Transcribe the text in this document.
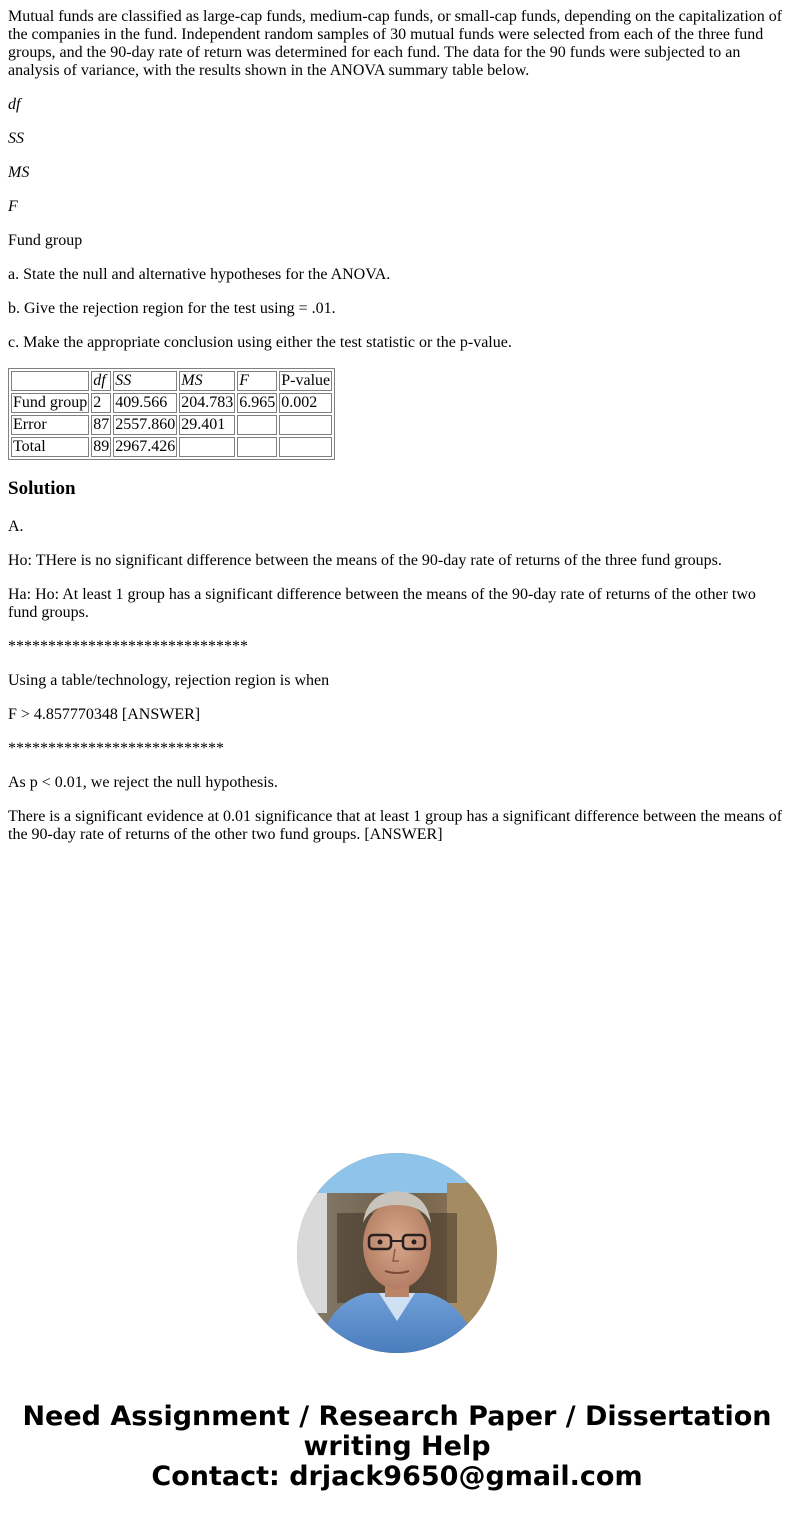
Mutual funds are classified as large-cap funds, medium-cap funds, or small-cap funds, depending on the capitalization of the companies in the fund. Independent random samples of 30 mutual funds were selected from each of the three fund groups, and the 90-day rate of return was determined for each fund. The data for the 90 funds were subjected to an analysis of variance, with the results shown in the ANOVA summary table below.

df

SS

MS

F

Fund group

a. State the null and alternative hypotheses for the ANOVA.

b. Give the rejection region for the test using = .01.

c. Make the appropriate conclusion using either the test statistic or the p-value.

	df	SS	MS	F	P-value
Fund group	2	409.566	204.783	6.965	0.002
Error	87	2557.860	29.401		
Total	89	2967.426			
Solution

A.

Ho: THere is no significant difference between the means of the 90-day rate of returns of the three fund groups.

Ha: Ho: At least 1 group has a significant difference between the means of the 90-day rate of returns of the other two fund groups.

******************************

Using a table/technology, rejection region is when

F > 4.857770348 [ANSWER]

***************************

As p < 0.01, we reject the null hypothesis.

There is a significant evidence at 0.01 significance that at least 1 group has a significant difference between the means of the 90-day rate of returns of the other two fund groups. [ANSWER]

Need Assignment / Research Paper / Dissertation
writing Help
Contact: drjack9650@gmail.com
